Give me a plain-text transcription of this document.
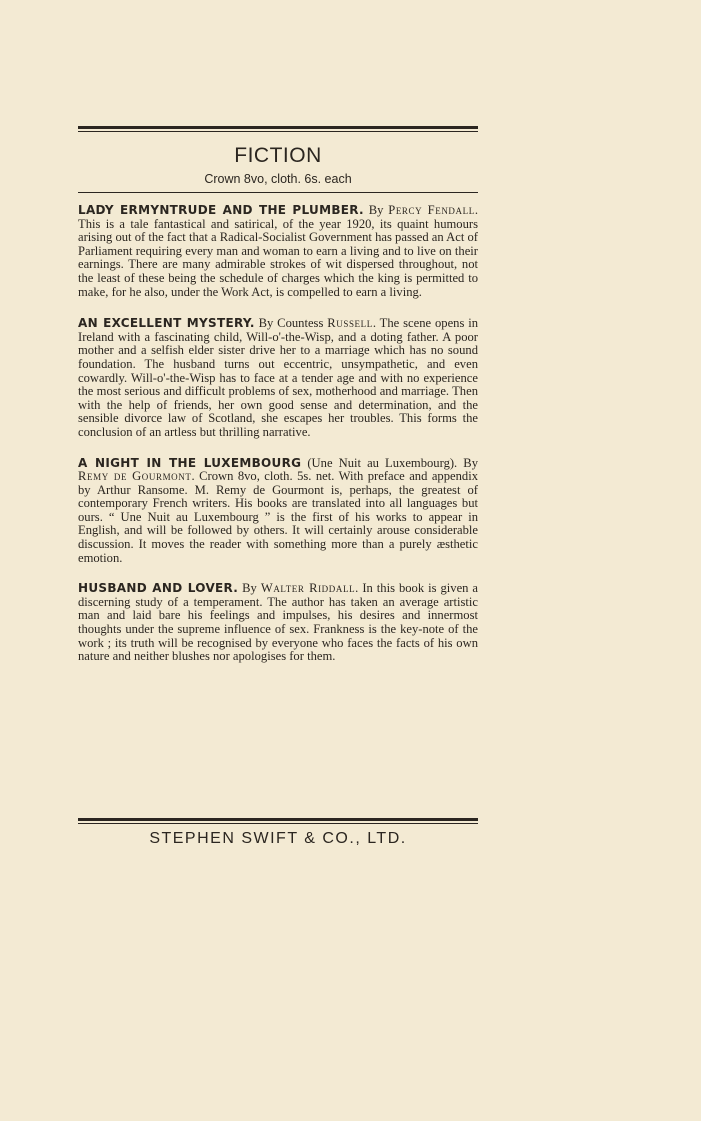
FICTION
Crown 8vo, cloth. 6s. each
LADY ERMYNTRUDE AND THE PLUMBER. By Percy Fendall. This is a tale fantastical and satirical, of the year 1920, its quaint humours arising out of the fact that a Radical-Socialist Government has passed an Act of Parliament requiring every man and woman to earn a living and to live on their earnings. There are many admirable strokes of wit dispersed throughout, not the least of these being the schedule of charges which the king is permitted to make, for he also, under the Work Act, is compelled to earn a living.
AN EXCELLENT MYSTERY. By Countess Russell. The scene opens in Ireland with a fascinating child, Will-o'-the-Wisp, and a doting father. A poor mother and a selfish elder sister drive her to a marriage which has no sound foundation. The husband turns out eccentric, unsympathetic, and even cowardly. Will-o'-the-Wisp has to face at a tender age and with no experience the most serious and difficult problems of sex, motherhood and marriage. Then with the help of friends, her own good sense and determination, and the sensible divorce law of Scotland, she escapes her troubles. This forms the conclusion of an artless but thrilling narrative.
A NIGHT IN THE LUXEMBOURG (Une Nuit au Luxembourg). By Remy de Gourmont. Crown 8vo, cloth. 5s. net. With preface and appendix by Arthur Ransome. M. Remy de Gourmont is, perhaps, the greatest of contemporary French writers. His books are translated into all languages but ours. “ Une Nuit au Luxembourg ” is the first of his works to appear in English, and will be followed by others. It will certainly arouse considerable discussion. It moves the reader with something more than a purely æsthetic emotion.
HUSBAND AND LOVER. By Walter Riddall. In this book is given a discerning study of a temperament. The author has taken an average artistic man and laid bare his feelings and impulses, his desires and innermost thoughts under the supreme influence of sex. Frankness is the key-note of the work ; its truth will be recognised by everyone who faces the facts of his own nature and neither blushes nor apologises for them.
STEPHEN SWIFT & CO., LTD.
